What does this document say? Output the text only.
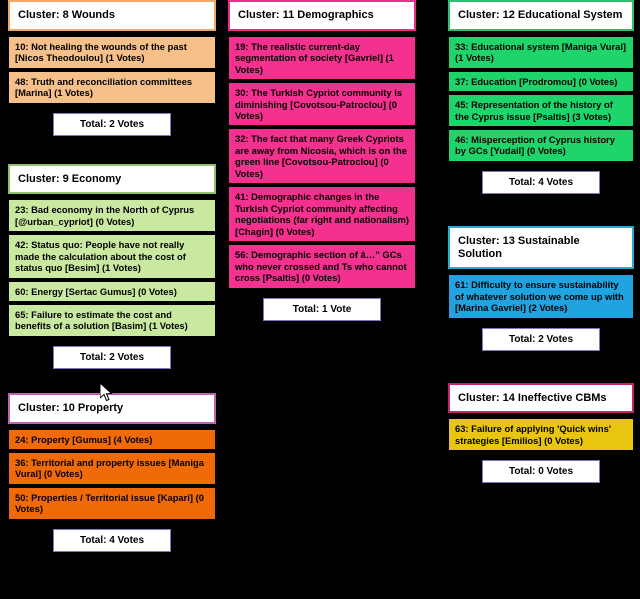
Cluster: 8 Wounds
10: Not healing the wounds of the past [Nicos Theodoulou] (1 Votes)
48: Truth and reconciliation committees [Marina] (1 Votes)
Total: 2 Votes
Cluster: 9 Economy
23: Bad economy in the North of Cyprus [@urban_cypriot] (0 Votes)
42: Status quo: People have not really made the calculation about the cost of status quo [Besim] (1 Votes)
60: Energy [Sertac Gumus] (0 Votes)
65: Failure to estimate the cost and benefits of a solution [Basim] (1 Votes)
Total: 2 Votes
Cluster: 10 Property
24: Property [Gumus] (4 Votes)
36: Territorial and property issues [Maniga Vural] (0 Votes)
50: Properties / Territorial issue [Kapari] (0 Votes)
Total: 4 Votes
Cluster: 11 Demographics
19: The realistic current-day segmentation of society [Gavriel] (1 Votes)
30: The Turkish Cypriot community is diminishing [Covotsou-Patroclou] (0 Votes)
32: The fact that many Greek Cypriots are away from Nicosia, which is on the green line [Covotsou-Patroclou] (0 Votes)
41: Demographic changes in the Turkish Cypriot community affecting negotiations (far right and nationalism) [Chagin] (0 Votes)
56: Demographic section of â…” GCs who never crossed and Ts who cannot cross [Psaltis] (0 Votes)
Total: 1 Vote
Cluster: 12 Educational System
33: Educational system [Maniga Vural] (1 Votes)
37: Education [Prodromou] (0 Votes)
45: Representation of the history of the Cyprus issue [Psaltis] (3 Votes)
46: Misperception of Cyprus history by GCs [Yudail] (0 Votes)
Total: 4 Votes
Cluster: 13 Sustainable Solution
61: Difficulty to ensure sustainability of whatever solution we come up with [Marina Gavriel] (2 Votes)
Total: 2 Votes
Cluster: 14 Ineffective CBMs
63: Failure of applying 'Quick wins' strategies [Emilios] (0 Votes)
Total: 0 Votes
